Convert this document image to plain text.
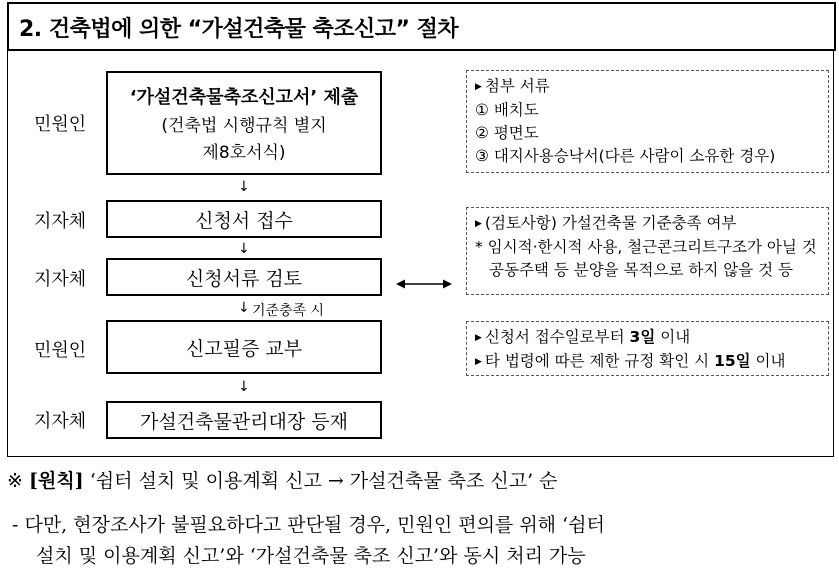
2. 건축법에 의한 “가설건축물 축조신고” 절차
민원인
지자체
지자체
민원인
지자체
‘가설건축물축조신고서’ 제출
(건축법 시행규칙 별지
제8호서식)
↓
신청서 접수
↓
신청서류 검토
↓ 기준충족 시
신고필증 교부
↓
가설건축물관리대장 등재
▶ 첨부 서류
① 배치도
② 평면도
③ 대지사용승낙서(다른 사람이 소유한 경우)
▶ (검토사항) 가설건축물 기준충족 여부
* 임시적·한시적 사용, 철근콘크리트구조가 아닐 것
공동주택 등 분양을 목적으로 하지 않을 것 등
▶ 신청서 접수일로부터 3일 이내
▶ 타 법령에 따른 제한 규정 확인 시 15일 이내
※ [원칙] ‘쉼터 설치 및 이용계획 신고 → 가설건축물 축조 신고’ 순
- 다만, 현장조사가 불필요하다고 판단될 경우, 민원인 편의를 위해 ‘쉼터
설치 및 이용계획 신고’와 ‘가설건축물 축조 신고’와 동시 처리 가능
